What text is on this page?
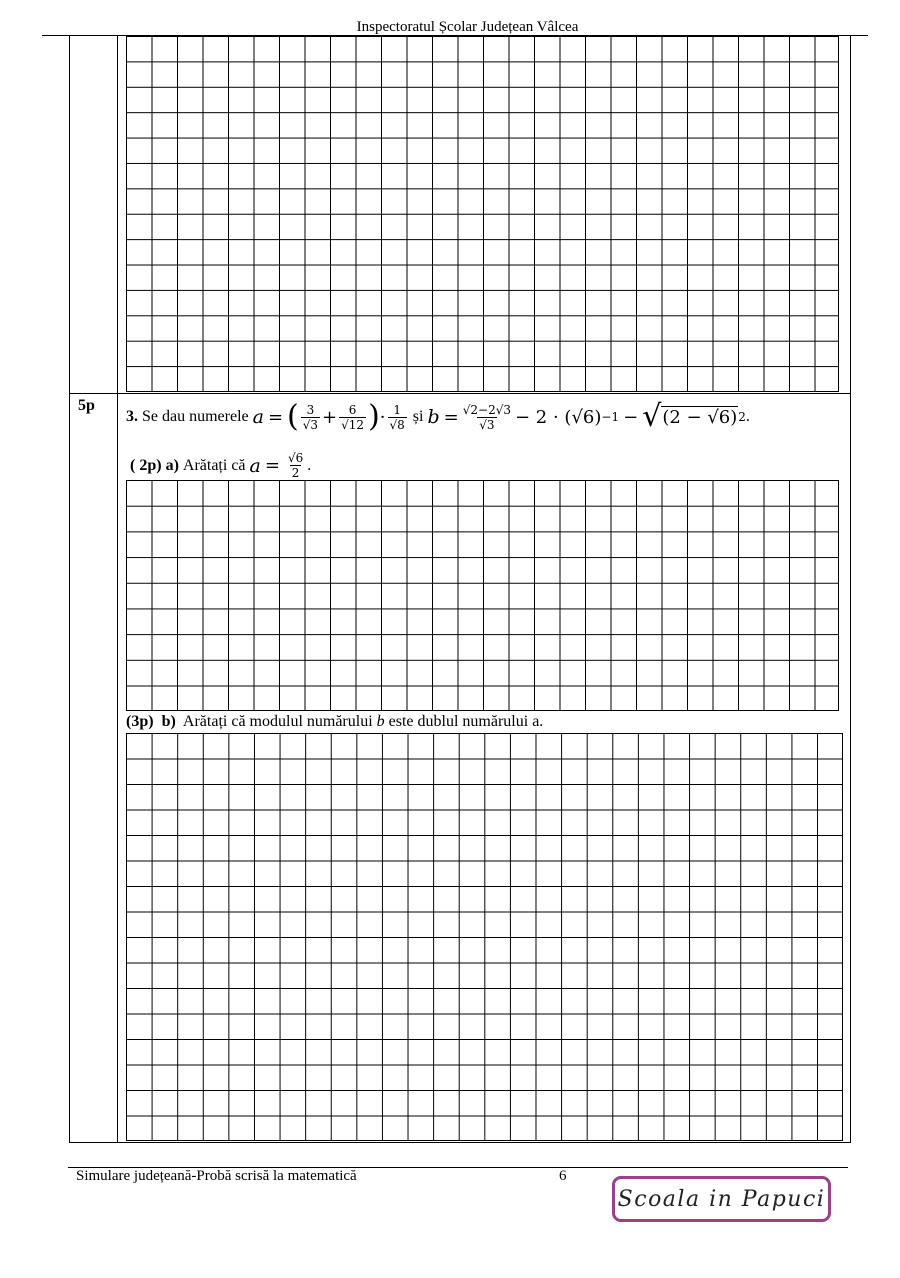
Inspectoratul Școlar Județean Vâlcea
5p
3.
Se dau numerele
a
=
( $\frac{3}{√3} + \frac{6}{√12}$ ) · $\frac{1}{√8}$
și
b
= $\frac{√2-2√3}{√3} - 2 \cdot (√6) -1$
−
√ (2 − √6) 2 .
( 2p)
a)
Arătați că
a
=
$\frac{√6}{2}$ .
(3p) b) Arătați că modulul numărului b este dublul numărului a.
Simulare județeană-Probă scrisă la matematică	6
Scoala in Papuci
